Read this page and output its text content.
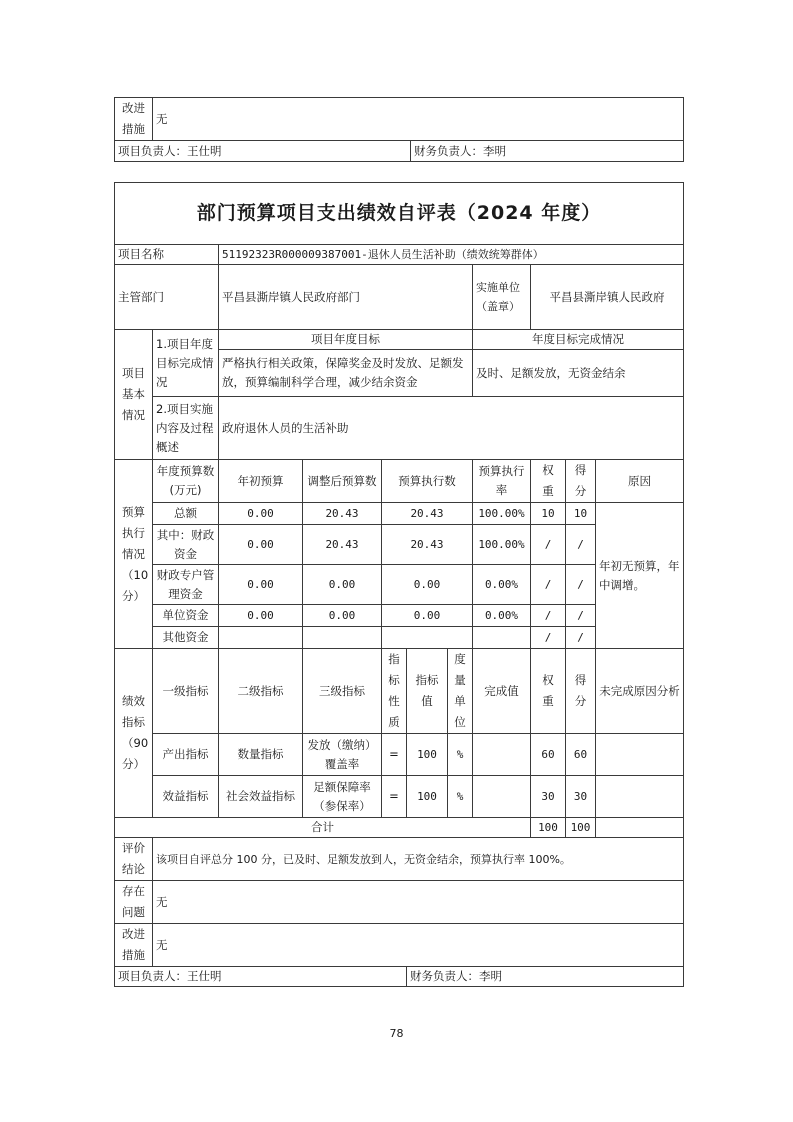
改进措施	无	
项目负责人：王仕明		财务负责人：李明
部门预算项目支出绩效自评表（2024 年度）										
项目名称		51192323R000009387001-退休人员生活补助（绩效统筹群体）								
主管部门		平昌县澌岸镇人民政府部门					实施单位（盖章）	平昌县澌岸镇人民政府		

项目基本情况	1.项目年度目标完成情况	项目年度目标					年度目标完成情况			
		严格执行相关政策，保障奖金及时发放、足额发放，预算编制科学合理，减少结余资金					及时、足额发放，无资金结余			
	2.项目实施内容及过程概述	政府退休人员的生活补助								

预算执行情况（10分）	年度预算数(万元)	年初预算	调整后预算数	预算执行数			预算执行率	权重	得分	原因
	总额	0.00	20.43	20.43			100.00%	10	10	年初无预算，年中调增。
	其中：财政资金	0.00	20.43	20.43			100.00%	/	/	
	财政专户管理资金	0.00	0.00	0.00			0.00%	/	/	
	单位资金	0.00	0.00	0.00			0.00%	/	/	
	其他资金							/	/	

绩效指标（90分）	一级指标	二级指标	三级指标	指标性质	指标值	度量单位	完成值	权重	得分	未完成原因分析
	产出指标	数量指标	发放（缴纳）覆盖率	=	100	%		60	60	
	效益指标	社会效益指标	足额保障率（参保率）	=	100	%		30	30	
合计								100	100	

评价结论	该项目自评总分 100 分，已及时、足额发放到人，无资金结余，预算执行率 100%。									

存在问题	无									

改进措施	无									
项目负责人：王仕明					财务负责人：李明					
78
